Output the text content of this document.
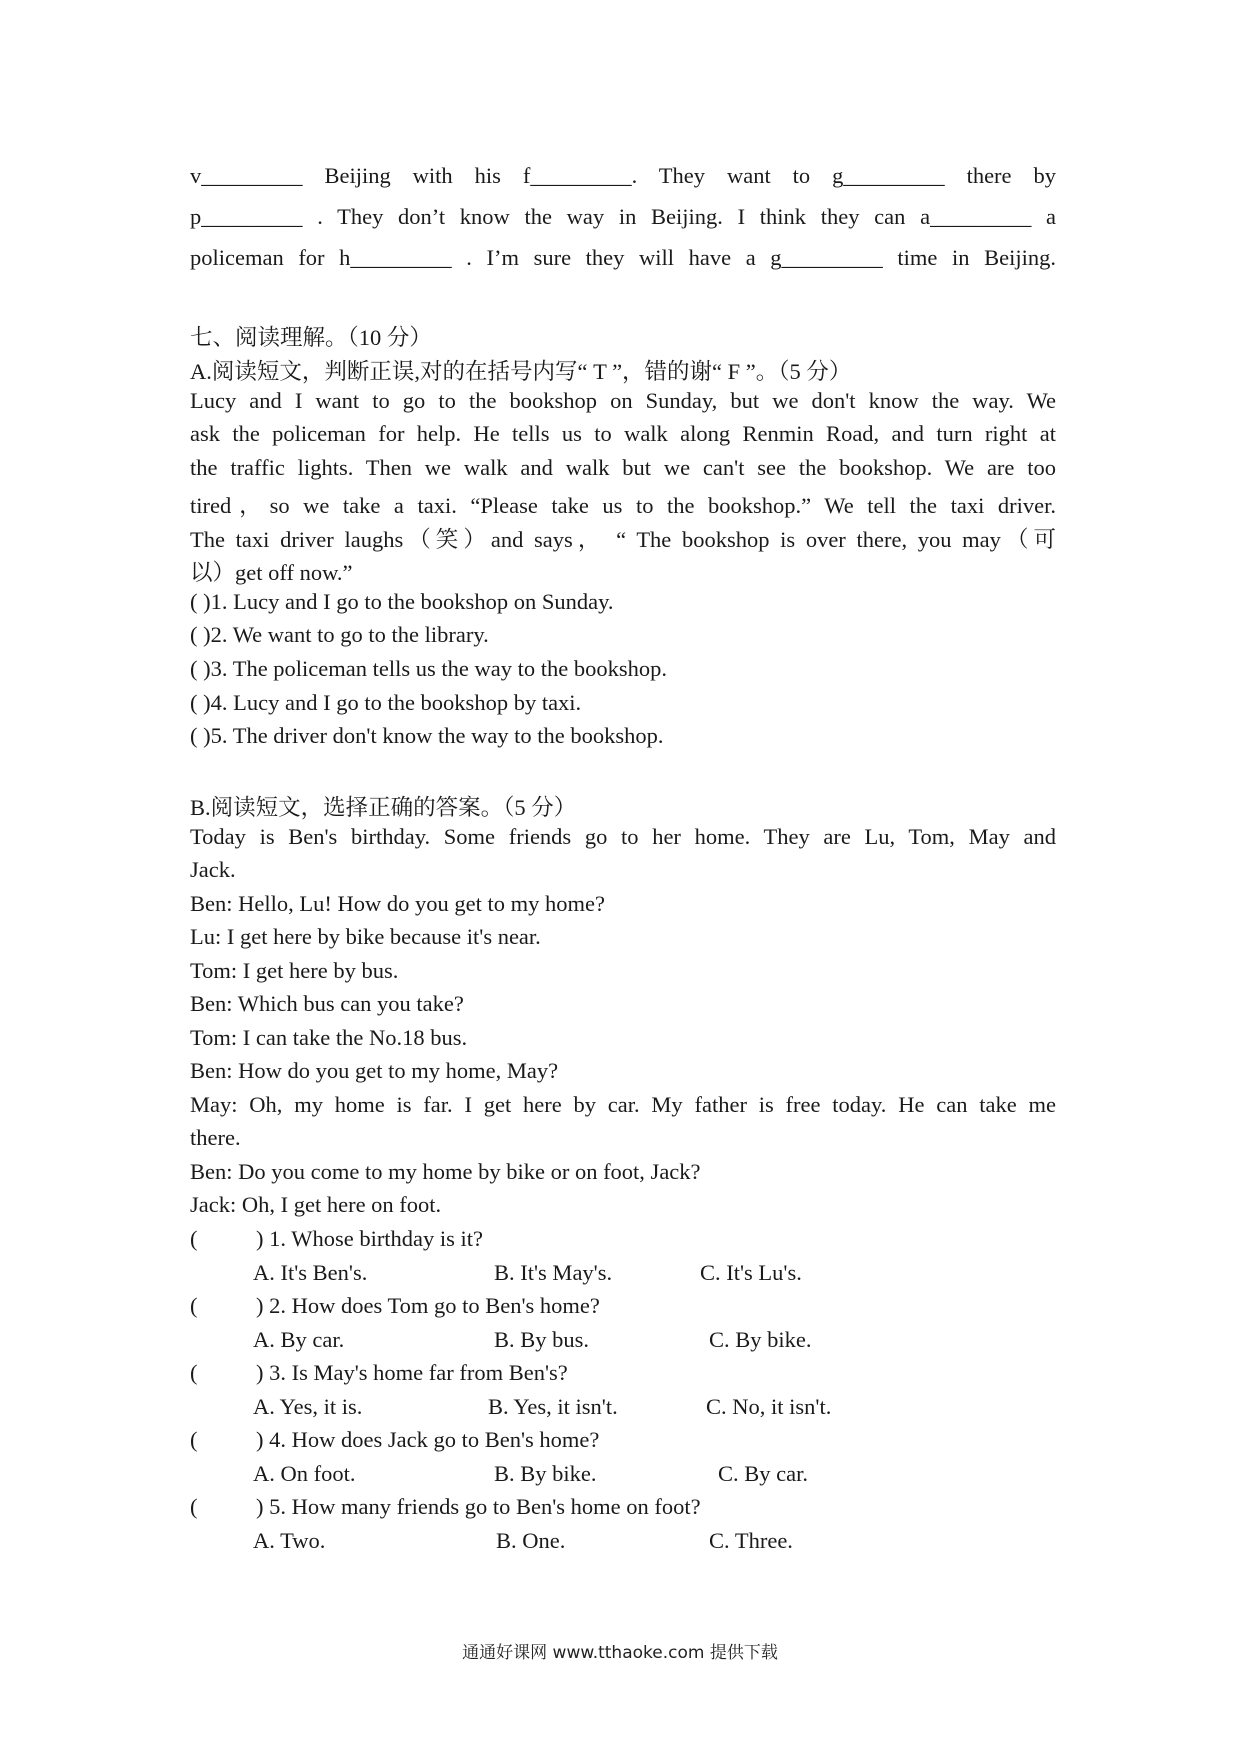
v_________ Beijing with his f_________. They want to g_________ there by
p_________ . They don’t know the way in Beijing. I think they can a_________ a
policeman for h_________ . I’m sure they will have a g_________ time in Beijing.
七、阅读理解。（10 分）
A.阅读短文，判断正误,对的在括号内写“ T ”，错的谢“ F ”。（5 分）
Lucy and I want to go to the bookshop on Sunday, but we don't know the way. We
ask the policeman for help. He tells us to walk along Renmin Road, and turn right at
the traffic lights. Then we walk and walk but we can't see the bookshop. We are too
tired，so we take a taxi. “Please take us to the bookshop.” We tell the taxi driver.
The taxi driver laughs（笑）and says， “ The bookshop is over there, you may（可
以）get off now.”
( )1. Lucy and I go to the bookshop on Sunday.
( )2. We want to go to the library.
( )3. The policeman tells us the way to the bookshop.
( )4. Lucy and I go to the bookshop by taxi.
( )5. The driver don't know the way to the bookshop.
B.阅读短文，选择正确的答案。（5 分）
Today is Ben's birthday. Some friends go to her home. They are Lu, Tom, May and
Jack.
Ben: Hello, Lu! How do you get to my home?
Lu: I get here by bike because it's near.
Tom: I get here by bus.
Ben: Which bus can you take?
Tom: I can take the No.18 bus.
Ben: How do you get to my home, May?
May: Oh, my home is far. I get here by car. My father is free today. He can take me
there.
Ben: Do you come to my home by bike or on foot, Jack?
Jack: Oh, I get here on foot.
(	) 1. Whose birthday is it?
A. It's Ben's.	B. It's May's.	C. It's Lu's.
(	) 2. How does Tom go to Ben's home?
A. By car.	B. By bus.	C. By bike.
(	) 3. Is May's home far from Ben's?
A. Yes, it is.	B. Yes, it isn't.	C. No, it isn't.
(	) 4. How does Jack go to Ben's home?
A. On foot.	B. By bike.	C. By car.
(	) 5. How many friends go to Ben's home on foot?
A. Two.	B. One.	C. Three.
通通好课网 www.tthaoke.com 提供下载
